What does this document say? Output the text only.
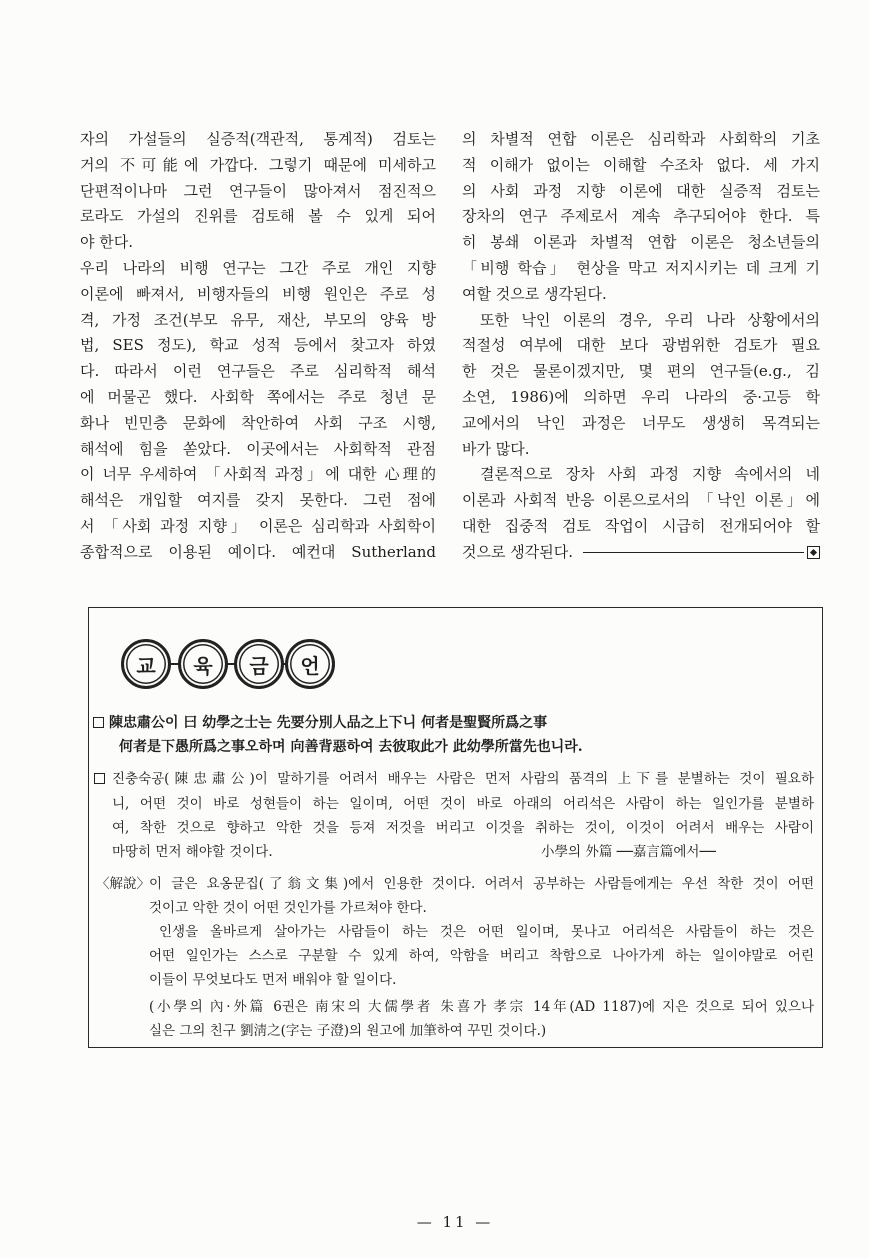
자의 가설들의 실증적(객관적, 통계적) 검토는
거의 不可能에 가깝다. 그렇기 때문에 미세하고
단편적이나마 그런 연구들이 많아져서 점진적으
로라도 가설의 진위를 검토해 볼 수 있게 되어
야 한다.
우리 나라의 비행 연구는 그간 주로 개인 지향
이론에 빠져서, 비행자들의 비행 원인은 주로 성
격, 가정 조건(부모 유무, 재산, 부모의 양육 방
법, SES 정도), 학교 성적 등에서 찾고자 하였
다. 따라서 이런 연구들은 주로 심리학적 해석
에 머물곤 했다. 사회학 쪽에서는 주로 청년 문
화나 빈민층 문화에 착안하여 사회 구조 시행,
해석에 힘을 쏟았다. 이곳에서는 사회학적 관점
이 너무 우세하여 「사회적 과정」에 대한 心理的
해석은 개입할 여지를 갖지 못한다. 그런 점에
서 「사회 과정 지향」 이론은 심리학과 사회학이
종합적으로 이용된 예이다. 예컨대 Sutherland
의 차별적 연합 이론은 심리학과 사회학의 기초
적 이해가 없이는 이해할 수조차 없다. 세 가지
의 사회 과정 지향 이론에 대한 실증적 검토는
장차의 연구 주제로서 계속 추구되어야 한다. 특
히 봉쇄 이론과 차별적 연합 이론은 청소년들의
「비행 학습」 현상을 막고 저지시키는 데 크게 기
여할 것으로 생각된다.
또한 낙인 이론의 경우, 우리 나라 상황에서의
적절성 여부에 대한 보다 광범위한 검토가 필요
한 것은 물론이겠지만, 몇 편의 연구들(e.g., 김
소연, 1986)에 의하면 우리 나라의 중·고등 학
교에서의 낙인 과정은 너무도 생생히 목격되는
바가 많다.
결론적으로 장차 사회 과정 지향 속에서의 네
이론과 사회적 반응 이론으로서의 「낙인 이론」에
대한 집중적 검토 작업이 시급히 전개되어야 할
것으로 생각된다.
교	육	금	언
陳忠肅公이 曰 幼學之士는 先要分別人品之上下니 何者是聖賢所爲之事
何者是下愚所爲之事오하며 向善背惡하여 去彼取此가 此幼學所當先也니라.
진충숙공(陳忠肅公)이 말하기를 어려서 배우는 사람은 먼저 사람의 품격의 上下를 분별하는 것이 필요하
니, 어떤 것이 바로 성현들이 하는 일이며, 어떤 것이 바로 아래의 어리석은 사람이 하는 일인가를 분별하
여, 착한 것으로 향하고 악한 것을 등져 저것을 버리고 이것을 취하는 것이, 이것이 어려서 배우는 사람이
마땅히 먼저 해야할 것이다.	小學의 外篇 ──嘉言篇에서──
〈解說〉 이 글은 요옹문집(了翁文集)에서 인용한 것이다. 어려서 공부하는 사람들에게는 우선 착한 것이 어떤
것이고 악한 것이 어떤 것인가를 가르쳐야 한다.
인생을 올바르게 살아가는 사람들이 하는 것은 어떤 일이며, 못나고 어리석은 사람들이 하는 것은
어떤 일인가는 스스로 구분할 수 있게 하여, 악함을 버리고 착함으로 나아가게 하는 일이야말로 어린
이들이 무엇보다도 먼저 배워야 할 일이다.
(小學의 內·外篇 6권은 南宋의 大儒學者 朱喜가 孝宗 14年(AD 1187)에 지은 것으로 되어 있으나
실은 그의 친구 劉淸之(字는 子澄)의 원고에 加筆하여 꾸민 것이다.)
— 11 —
